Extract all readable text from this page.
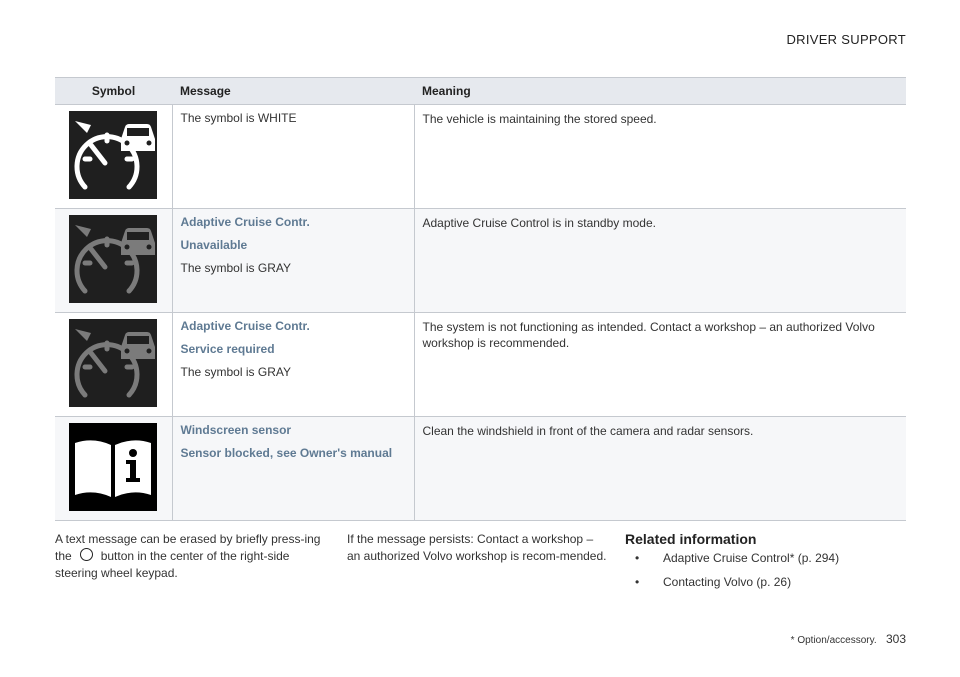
DRIVER SUPPORT
Symbol	Message	Meaning

The symbol is WHITE	The vehicle is maintaining the stored speed.

Adaptive Cruise Contr.

Unavailable

The symbol is GRAY	Adaptive Cruise Control is in standby mode.

Adaptive Cruise Contr.

Service required

The symbol is GRAY	The system is not functioning as intended. Contact a workshop – an authorized Volvo workshop is recommended.

Windscreen sensor

Sensor blocked, see Owner's manual	Clean the windshield in front of the camera and radar sensors.

A text message can be erased by briefly press-ing the button in the center of the right-side steering wheel keypad.
If the message persists: Contact a workshop – an authorized Volvo workshop is recom-mended.
Related information
• Adaptive Cruise Control* (p. 294)
• Contacting Volvo (p. 26)
* Option/accessory. 303
